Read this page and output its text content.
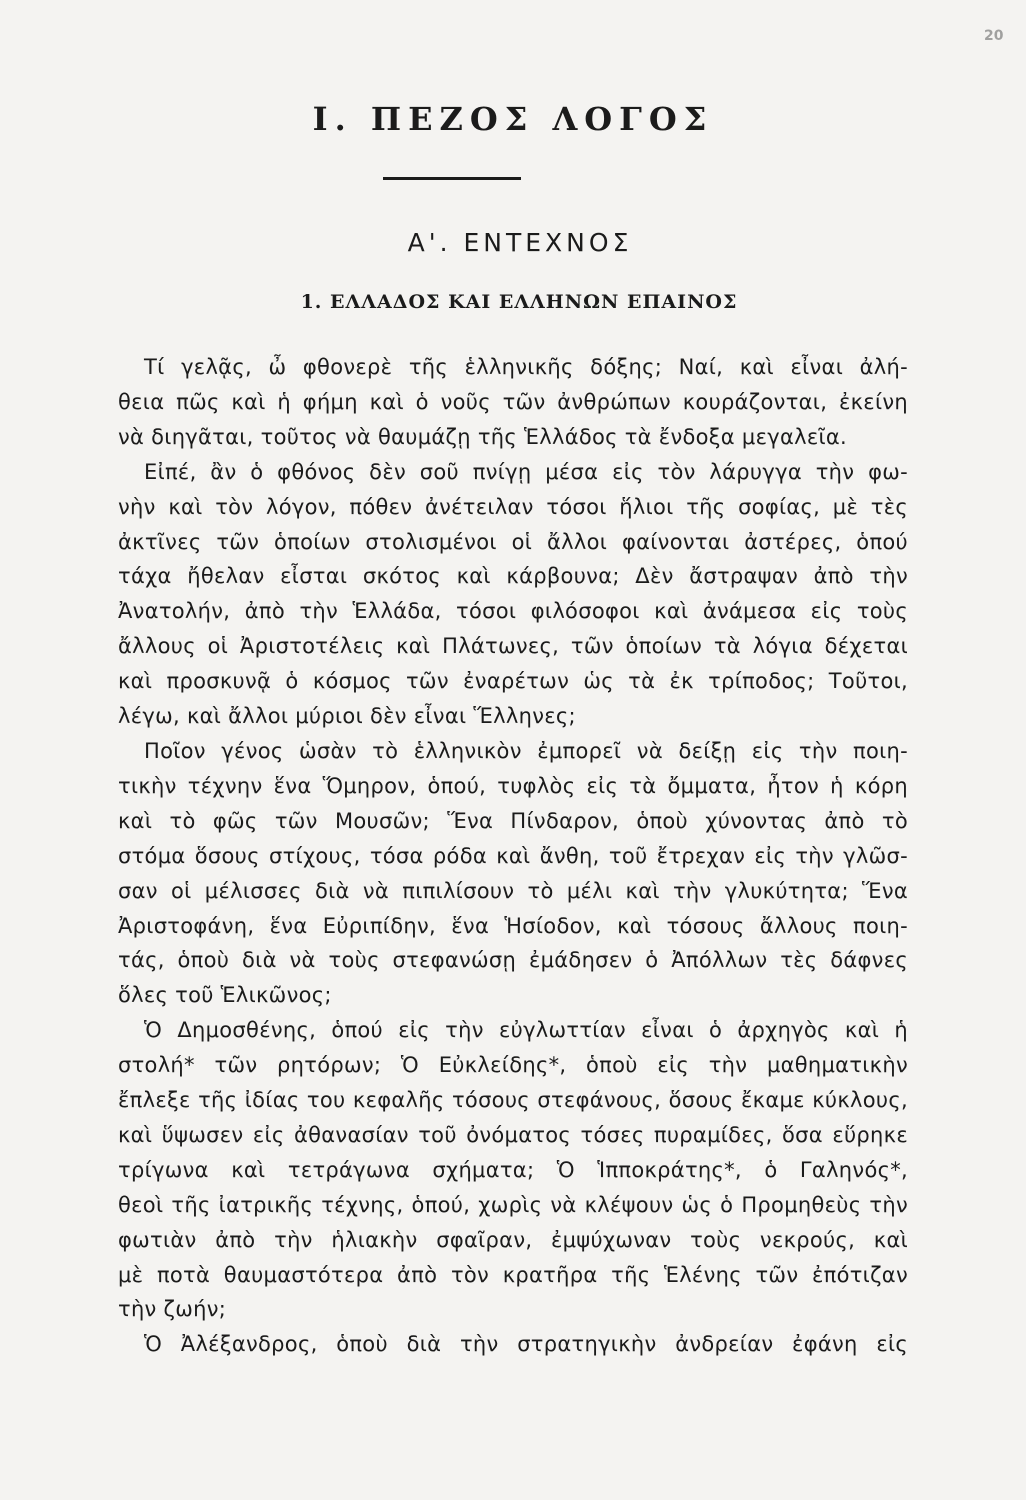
20
I. ΠΕΖΟΣ ΛΟΓΟΣ
Α'. ΕΝΤΕΧΝΟΣ
1. ΕΛΛΑΔΟΣ ΚΑΙ ΕΛΛΗΝΩΝ ΕΠΑΙΝΟΣ
Τί γελᾷς, ὦ φθονερὲ τῆς ἑλληνικῆς δόξης; Ναί, καὶ εἶναι ἀλή-
θεια πῶς καὶ ἡ φήμη καὶ ὁ νοῦς τῶν ἀνθρώπων κουράζονται, ἐκείνη
νὰ διηγᾶται, τοῦτος νὰ θαυμάζῃ τῆς Ἑλλάδος τὰ ἔνδοξα μεγαλεῖα.
Εἰπέ, ἂν ὁ φθόνος δὲν σοῦ πνίγῃ μέσα εἰς τὸν λάρυγγα τὴν φω-
νὴν καὶ τὸν λόγον, πόθεν ἀνέτειλαν τόσοι ἥλιοι τῆς σοφίας, μὲ τὲς
ἀκτῖνες τῶν ὁποίων στολισμένοι οἱ ἄλλοι φαίνονται ἀστέρες, ὁπού
τάχα ἤθελαν εἶσται σκότος καὶ κάρβουνα; Δὲν ἄστραψαν ἀπὸ τὴν
Ἀνατολήν, ἀπὸ τὴν Ἑλλάδα, τόσοι φιλόσοφοι καὶ ἀνάμεσα εἰς τοὺς
ἄλλους οἱ Ἀριστοτέλεις καὶ Πλάτωνες, τῶν ὁποίων τὰ λόγια δέχεται
καὶ προσκυνᾷ ὁ κόσμος τῶν ἐναρέτων ὡς τὰ ἐκ τρίποδος; Τοῦτοι,
λέγω, καὶ ἄλλοι μύριοι δὲν εἶναι Ἕλληνες;
Ποῖον γένος ὡσὰν τὸ ἑλληνικὸν ἐμπορεῖ νὰ δείξῃ εἰς τὴν ποιη-
τικὴν τέχνην ἕνα Ὅμηρον, ὁπού, τυφλὸς εἰς τὰ ὄμματα, ἦτον ἡ κόρη
καὶ τὸ φῶς τῶν Μουσῶν; Ἕνα Πίνδαρον, ὁποὺ χύνοντας ἀπὸ τὸ
στόμα ὅσους στίχους, τόσα ρόδα καὶ ἄνθη, τοῦ ἔτρεχαν εἰς τὴν γλῶσ-
σαν οἱ μέλισσες διὰ νὰ πιπιλίσουν τὸ μέλι καὶ τὴν γλυκύτητα; Ἕνα
Ἀριστοφάνη, ἕνα Εὐριπίδην, ἕνα Ἡσίοδον, καὶ τόσους ἄλλους ποιη-
τάς, ὁποὺ διὰ νὰ τοὺς στεφανώσῃ ἐμάδησεν ὁ Ἀπόλλων τὲς δάφνες
ὅλες τοῦ Ἑλικῶνος;
Ὁ Δημοσθένης, ὁπού εἰς τὴν εὐγλωττίαν εἶναι ὁ ἀρχηγὸς καὶ ἡ
στολή* τῶν ρητόρων; Ὁ Εὐκλείδης*, ὁποὺ εἰς τὴν μαθηματικὴν
ἔπλεξε τῆς ἰδίας του κεφαλῆς τόσους στεφάνους, ὅσους ἔκαμε κύκλους,
καὶ ὕψωσεν εἰς ἀθανασίαν τοῦ ὀνόματος τόσες πυραμίδες, ὅσα εὕρηκε
τρίγωνα καὶ τετράγωνα σχήματα; Ὁ Ἱπποκράτης*, ὁ Γαληνός*,
θεοὶ τῆς ἰατρικῆς τέχνης, ὁπού, χωρὶς νὰ κλέψουν ὡς ὁ Προμηθεὺς τὴν
φωτιὰν ἀπὸ τὴν ἡλιακὴν σφαῖραν, ἐμψύχωναν τοὺς νεκρούς, καὶ
μὲ ποτὰ θαυμαστότερα ἀπὸ τὸν κρατῆρα τῆς Ἑλένης τῶν ἐπότιζαν
τὴν ζωήν;
Ὁ Ἀλέξανδρος, ὁποὺ διὰ τὴν στρατηγικὴν ἀνδρείαν ἐφάνη εἰς
